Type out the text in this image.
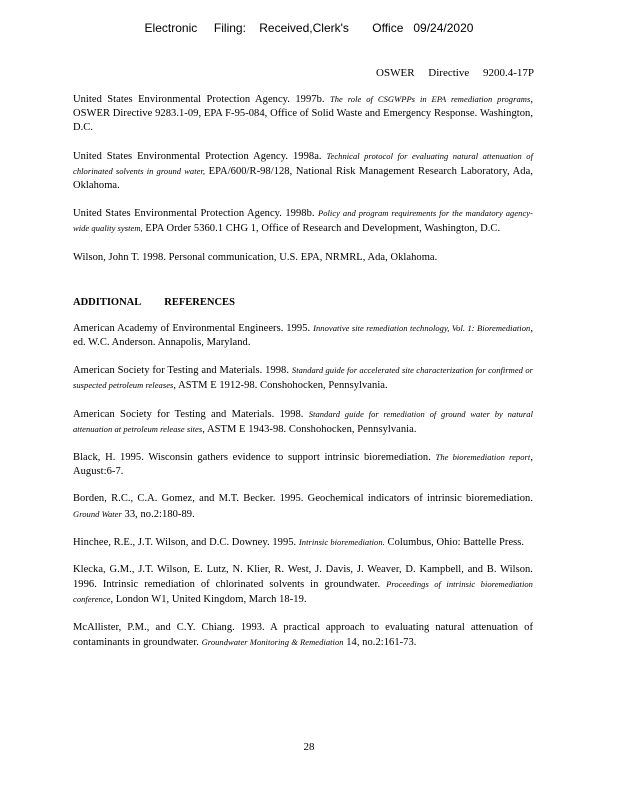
Electronic     Filing:    Received,Clerk's       Office   09/24/2020
OSWER     Directive     9200.4-17P

United States Environmental Protection Agency. 1997b. The role of CSGWPPs in EPA remediation programs, OSWER Directive 9283.1-09, EPA F-95-084, Office of Solid Waste and Emergency Response. Washington, D.C.

United States Environmental Protection Agency. 1998a. Technical protocol for evaluating natural attenuation of chlorinated solvents in ground water, EPA/600/R-98/128, National Risk Management Research Laboratory, Ada, Oklahoma.

United States Environmental Protection Agency. 1998b. Policy and program requirements for the mandatory agency-wide quality system, EPA Order 5360.1 CHG 1, Office of Research and Development, Washington, D.C.

Wilson, John T. 1998. Personal communication, U.S. EPA, NRMRL, Ada, Oklahoma.

ADDITIONAL         REFERENCES

American Academy of Environmental Engineers. 1995. Innovative site remediation technology, Vol. 1: Bioremediation, ed. W.C. Anderson. Annapolis, Maryland.

American Society for Testing and Materials. 1998. Standard guide for accelerated site characterization for confirmed or suspected petroleum releases, ASTM E 1912-98. Conshohocken, Pennsylvania.

American Society for Testing and Materials. 1998. Standard guide for remediation of ground water by natural attenuation at petroleum release sites, ASTM E 1943-98. Conshohocken, Pennsylvania.

Black, H. 1995. Wisconsin gathers evidence to support intrinsic bioremediation. The bioremediation report, August:6-7.

Borden, R.C., C.A. Gomez, and M.T. Becker. 1995. Geochemical indicators of intrinsic bioremediation. Ground Water 33, no.2:180-89.

Hinchee, R.E., J.T. Wilson, and D.C. Downey. 1995. Intrinsic bioremediation. Columbus, Ohio: Battelle Press.

Klecka, G.M., J.T. Wilson, E. Lutz, N. Klier, R. West, J. Davis, J. Weaver, D. Kampbell, and B. Wilson. 1996. Intrinsic remediation of chlorinated solvents in groundwater. Proceedings of intrinsic bioremediation conference, London W1, United Kingdom, March 18-19.

McAllister, P.M., and C.Y. Chiang. 1993. A practical approach to evaluating natural attenuation of contaminants in groundwater. Groundwater Monitoring & Remediation 14, no.2:161-73.

28
